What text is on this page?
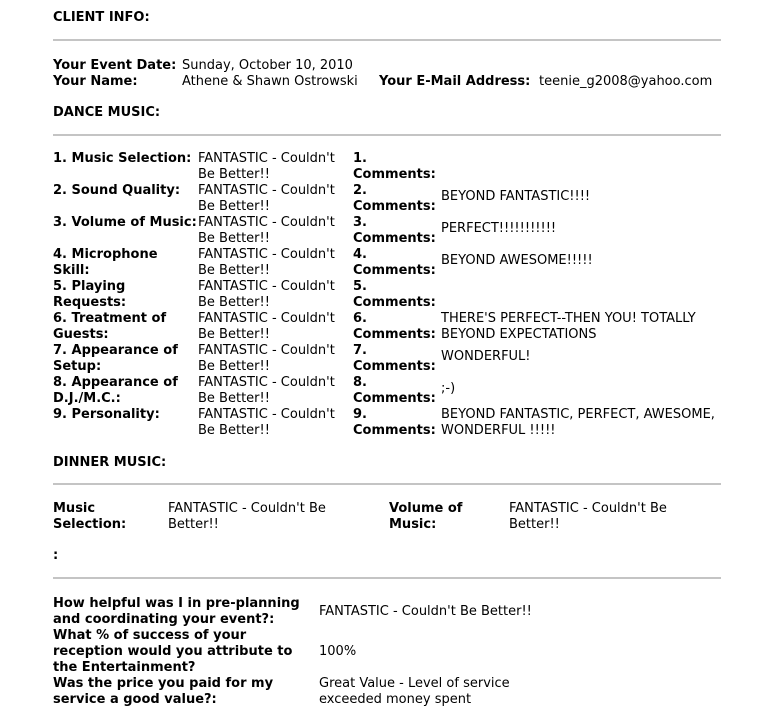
CLIENT INFO:
Your Event Date: Sunday, October 10, 2010
Your Name:	Athene & Shawn Ostrowski Your E-Mail Address: teenie_g2008@yahoo.com
DANCE MUSIC:
1. Music Selection:	FANTASTIC - Couldn't Be Better!!	1. Comments:	
2. Sound Quality:	FANTASTIC - Couldn't Be Better!!	2. Comments:	BEYOND FANTASTIC!!!!
3. Volume of Music:	FANTASTIC - Couldn't Be Better!!	3. Comments:	PERFECT!!!!!!!!!!!
4. Microphone Skill:	FANTASTIC - Couldn't Be Better!!	4. Comments:	BEYOND AWESOME!!!!!
5. Playing Requests:	FANTASTIC - Couldn't Be Better!!	5. Comments:	
6. Treatment of Guests:	FANTASTIC - Couldn't Be Better!!	6. Comments:	THERE'S PERFECT--THEN YOU! TOTALLY BEYOND EXPECTATIONS
7. Appearance of Setup:	FANTASTIC - Couldn't Be Better!!	7. Comments:	WONDERFUL!
8. Appearance of D.J./M.C.:	FANTASTIC - Couldn't Be Better!!	8. Comments:	;-)
9. Personality:	FANTASTIC - Couldn't Be Better!!	9. Comments:	BEYOND FANTASTIC, PERFECT, AWESOME, WONDERFUL !!!!!
DINNER MUSIC:
Music Selection:
FANTASTIC - Couldn't Be Better!!
Volume of Music:
FANTASTIC - Couldn't Be Better!!
:
How helpful was I in pre-planning and coordinating your event?:
FANTASTIC - Couldn't Be Better!!
What % of success of your reception would you attribute to the Entertainment?
100%
Was the price you paid for my service a good value?:
Great Value - Level of service exceeded money spent
